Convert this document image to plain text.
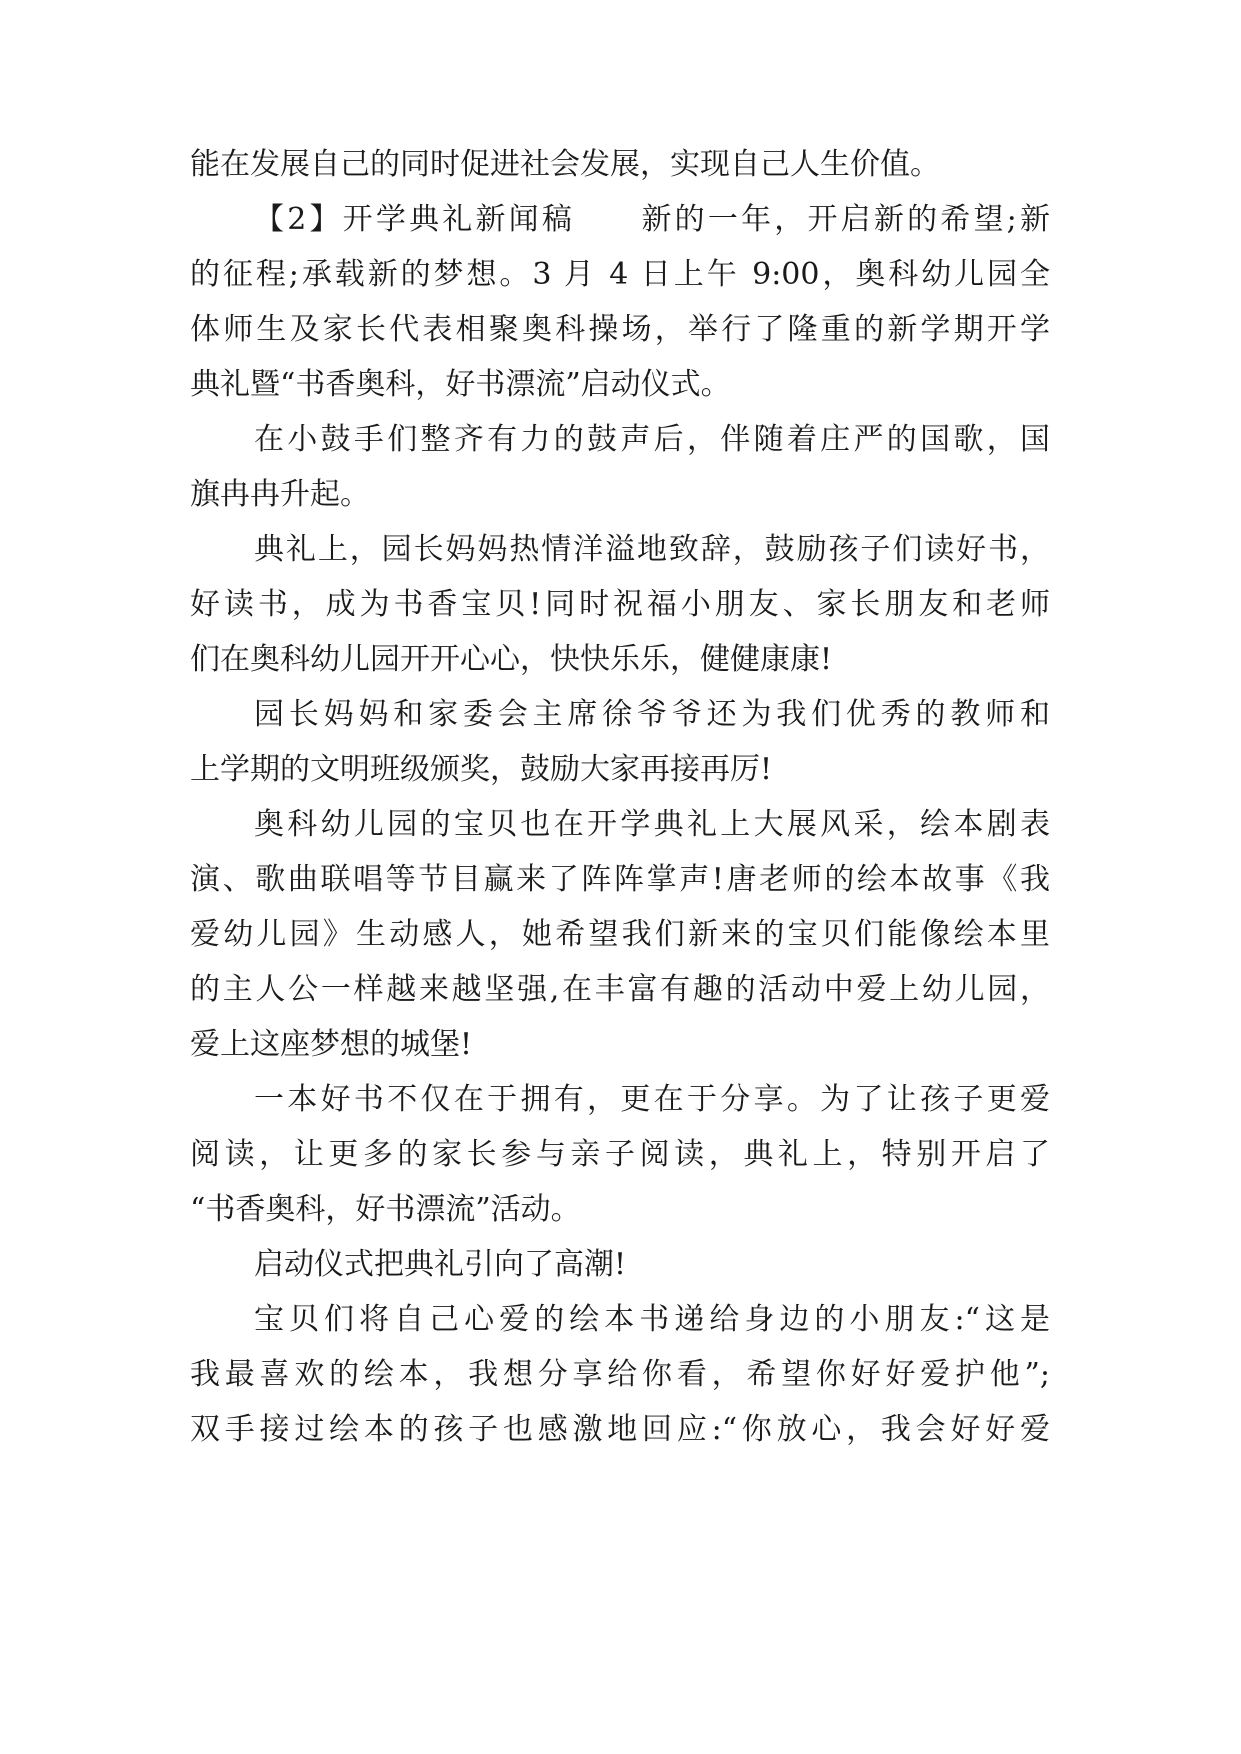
能在发展自己的同时促进社会发展，实现自己人生价值。
【2】开学典礼新闻稿　　新的一年，开启新的希望;新
的征程;承载新的梦想。3 月 4 日上午 9:00，奥科幼儿园全
体师生及家长代表相聚奥科操场，举行了隆重的新学期开学
典礼暨“书香奥科，好书漂流”启动仪式。
在小鼓手们整齐有力的鼓声后，伴随着庄严的国歌，国
旗冉冉升起。
典礼上，园长妈妈热情洋溢地致辞，鼓励孩子们读好书，
好读书，成为书香宝贝!同时祝福小朋友、家长朋友和老师
们在奥科幼儿园开开心心，快快乐乐，健健康康!
园长妈妈和家委会主席徐爷爷还为我们优秀的教师和
上学期的文明班级颁奖，鼓励大家再接再厉!
奥科幼儿园的宝贝也在开学典礼上大展风采，绘本剧表
演、歌曲联唱等节目赢来了阵阵掌声!唐老师的绘本故事《我
爱幼儿园》生动感人，她希望我们新来的宝贝们能像绘本里
的主人公一样越来越坚强,在丰富有趣的活动中爱上幼儿园，
爱上这座梦想的城堡!
一本好书不仅在于拥有，更在于分享。为了让孩子更爱
阅读，让更多的家长参与亲子阅读，典礼上，特别开启了
“书香奥科，好书漂流”活动。
启动仪式把典礼引向了高潮!
宝贝们将自己心爱的绘本书递给身边的小朋友:“这是
我最喜欢的绘本，我想分享给你看，希望你好好爱护他”;
双手接过绘本的孩子也感激地回应:“你放心，我会好好爱
